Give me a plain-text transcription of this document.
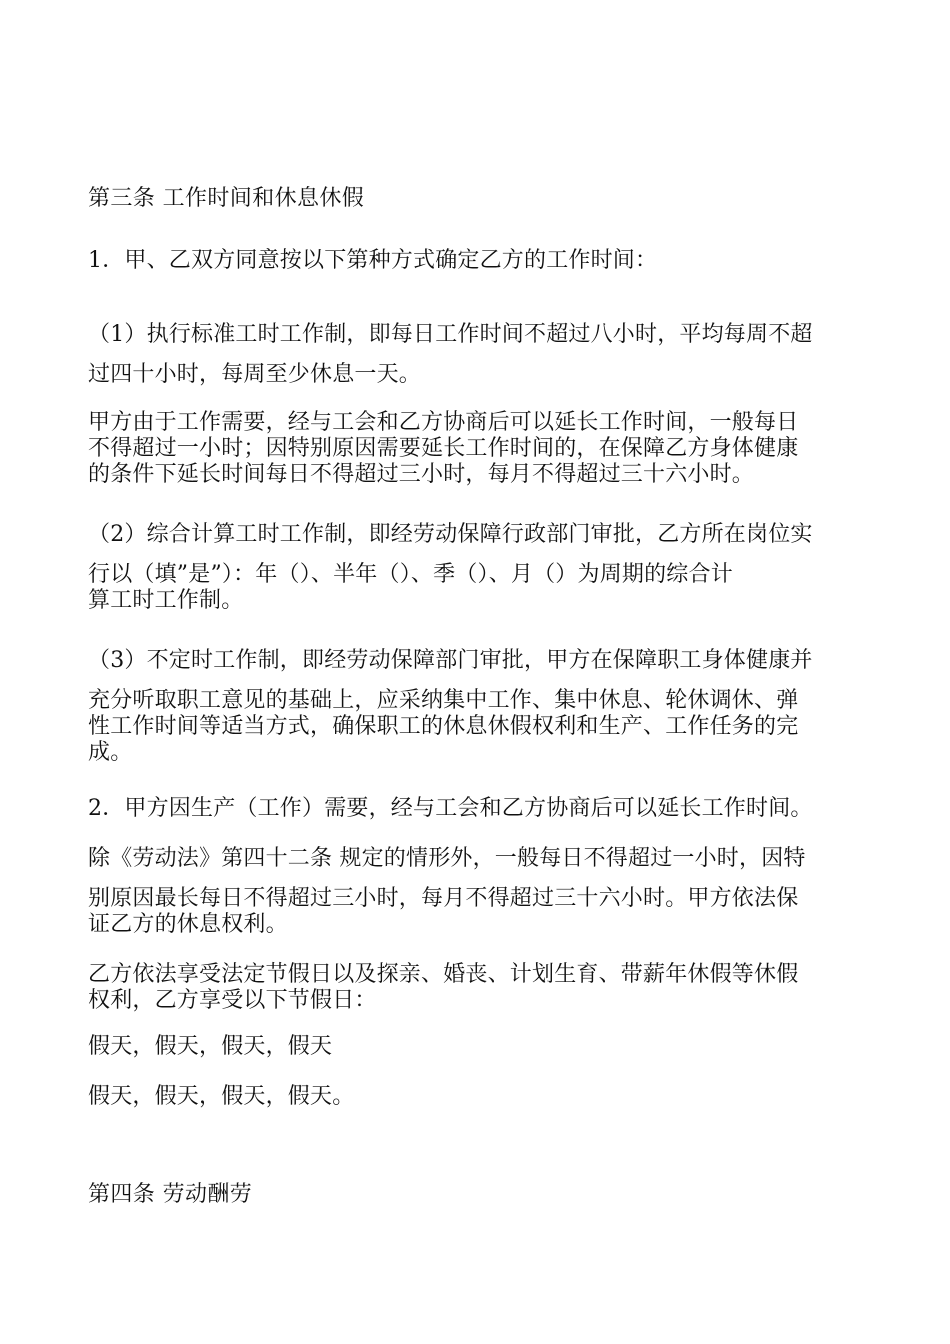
第三条 工作时间和休息休假
1．甲、乙双方同意按以下第种方式确定乙方的工作时间：
（1）执行标准工时工作制，即每日工作时间不超过八小时，平均每周不超
过四十小时，每周至少休息一天。
甲方由于工作需要，经与工会和乙方协商后可以延长工作时间，一般每日
不得超过一小时；因特别原因需要延长工作时间的，在保障乙方身体健康
的条件下延长时间每日不得超过三小时，每月不得超过三十六小时。
（2）综合计算工时工作制，即经劳动保障行政部门审批，乙方所在岗位实
行以（填”是”）：年（）、半年（）、季（）、月（）为周期的综合计
算工时工作制。
（3）不定时工作制，即经劳动保障部门审批，甲方在保障职工身体健康并
充分听取职工意见的基础上，应采纳集中工作、集中休息、轮休调休、弹
性工作时间等适当方式，确保职工的休息休假权利和生产、工作任务的完
成。
2．甲方因生产（工作）需要，经与工会和乙方协商后可以延长工作时间。
除《劳动法》第四十二条 规定的情形外，一般每日不得超过一小时，因特
别原因最长每日不得超过三小时，每月不得超过三十六小时。甲方依法保
证乙方的休息权利。
乙方依法享受法定节假日以及探亲、婚丧、计划生育、带薪年休假等休假
权利，乙方享受以下节假日：
假天，假天，假天，假天
假天，假天，假天，假天。
第四条 劳动酬劳
